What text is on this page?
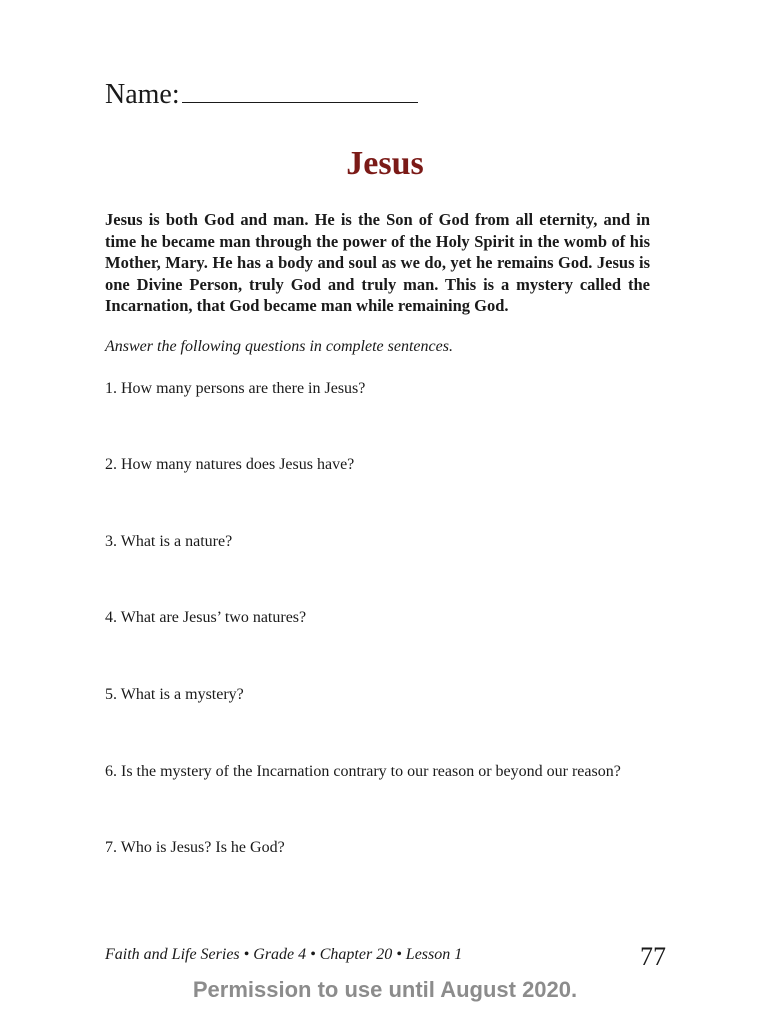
Name:
Jesus
Jesus is both God and man. He is the Son of God from all eternity, and in time he became man through the power of the Holy Spirit in the womb of his Mother, Mary. He has a body and soul as we do, yet he remains God. Jesus is one Divine Person, truly God and truly man. This is a mystery called the Incarnation, that God became man while remaining God.
Answer the following questions in complete sentences.
1. How many persons are there in Jesus?
2. How many natures does Jesus have?
3. What is a nature?
4. What are Jesus’ two natures?
5. What is a mystery?
6. Is the mystery of the Incarnation contrary to our reason or beyond our reason?
7. Who is Jesus? Is he God?
Faith and Life Series • Grade 4 • Chapter 20 • Lesson 1	77
Permission to use until August 2020.
